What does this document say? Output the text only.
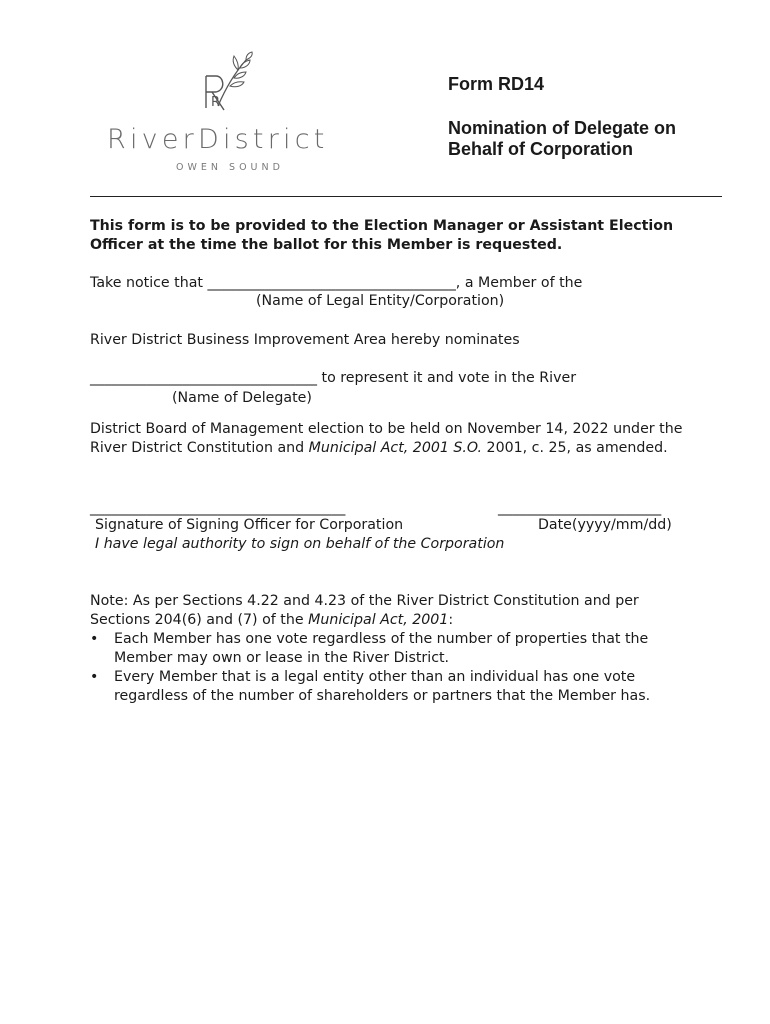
R
RiverDistrict
OWEN SOUND
Form RD14
Nomination of Delegate on
Behalf of Corporation
This form is to be provided to the Election Manager or Assistant Election
Officer at the time the ballot for this Member is requested.
Take notice that ___________________________________, a Member of the
(Name of Legal Entity/Corporation)
River District Business Improvement Area hereby nominates
________________________________ to represent it and vote in the River
(Name of Delegate)
District Board of Management election to be held on November 14, 2022 under the
River District Constitution and Municipal Act, 2001 S.O. 2001, c. 25, as amended.
____________________________________	_______________________
Signature of Signing Officer for Corporation	Date(yyyy/mm/dd)
I have legal authority to sign on behalf of the Corporation
Note: As per Sections 4.22 and 4.23 of the River District Constitution and per
Sections 204(6) and (7) of the Municipal Act, 2001:
• Each Member has one vote regardless of the number of properties that the
Member may own or lease in the River District.
• Every Member that is a legal entity other than an individual has one vote
regardless of the number of shareholders or partners that the Member has.
